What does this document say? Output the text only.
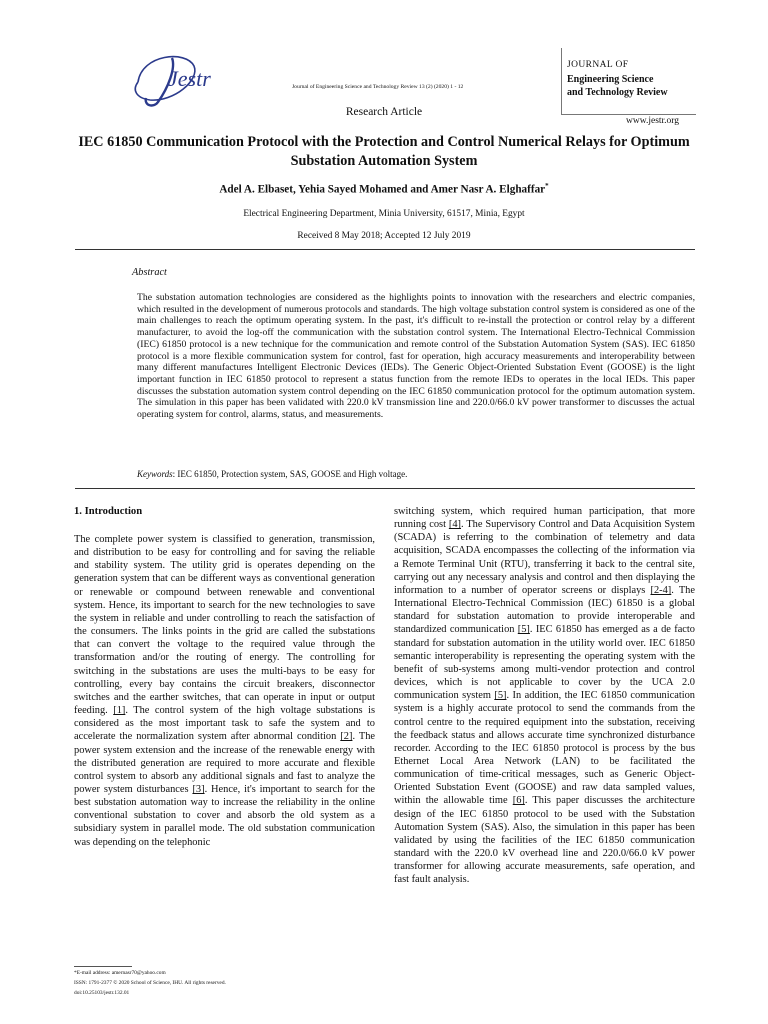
Jestr	Journal of Engineering Science and Technology Review 13 (2) (2020) 1 - 12
JOURNAL OF
Engineering Science
and Technology Review
www.jestr.org
Research Article
IEC 61850 Communication Protocol with the Protection and Control Numerical Relays for Optimum Substation Automation System
Adel A. Elbaset, Yehia Sayed Mohamed and Amer Nasr A. Elghaffar*
Electrical Engineering Department, Minia University, 61517, Minia, Egypt
Received 8 May 2018; Accepted 12 July 2019
Abstract
The substation automation technologies are considered as the highlights points to innovation with the researchers and electric companies, which resulted in the development of numerous protocols and standards. The high voltage substation control system is considered as one of the main challenges to reach the optimum operating system. In the past, it's difficult to re-install the protection or control relay by a different manufacturer, to avoid the log-off the communication with the substation control system. The International Electro-Technical Commission (IEC) 61850 protocol is a new technique for the communication and remote control of the Substation Automation System (SAS). IEC 61850 protocol is a more flexible communication system for control, fast for operation, high accuracy measurements and interoperability between many different manufactures Intelligent Electronic Devices (IEDs). The Generic Object-Oriented Substation Event (GOOSE) is the light important function in IEC 61850 protocol to represent a status function from the remote IEDs to operates in the local IEDs. This paper discusses the substation automation system control depending on the IEC 61850 communication protocol for the optimum automation system. The simulation in this paper has been validated with 220.0 kV transmission line and 220.0/66.0 kV power transformer to discusses the actual operating system for control, alarms, status, and measurements.
Keywords: IEC 61850, Protection system, SAS, GOOSE and High voltage.
1. Introduction
The complete power system is classified to generation, transmission, and distribution to be easy for controlling and for saving the reliable and stability system. The utility grid is operates depending on the generation system that can be different ways as conventional generation or renewable or compound between renewable and conventional system. Hence, its important to search for the new technologies to save the system in reliable and under controlling to reach the satisfaction of the consumers. The links points in the grid are called the substations that can convert the voltage to the required value through the transformation and/or the routing of energy. The controlling for switching in the substations are uses the multi-bays to be easy for controlling, every bay contains the circuit breakers, disconnector switches and the earther switches, that can operate in input or output feeding. [1]. The control system of the high voltage substations is considered as the most important task to safe the system and to accelerate the normalization system after abnormal condition [2]. The power system extension and the increase of the renewable energy with the distributed generation are required to more accurate and flexible control system to absorb any additional signals and fast to analyze the power system disturbances [3]. Hence, it's important to search for the best substation automation way to increase the reliability in the online conventional substation to cover and absorb the old system as a subsidiary system in parallel mode. The old substation communication was depending on the telephonic
switching system, which required human participation, that more running cost [4]. The Supervisory Control and Data Acquisition System (SCADA) is referring to the combination of telemetry and data acquisition, SCADA encompasses the collecting of the information via a Remote Terminal Unit (RTU), transferring it back to the central site, carrying out any necessary analysis and control and then displaying the information to a number of operator screens or displays [2-4]. The International Electro-Technical Commission (IEC) 61850 is a global standard for substation automation to provide interoperable and standardized communication [5]. IEC 61850 has emerged as a de facto standard for substation automation in the utility world over. IEC 61850 semantic interoperability is representing the operating system with the benefit of sub-systems among multi-vendor protection and control devices, which is not applicable to cover by the UCA 2.0 communication system [5]. In addition, the IEC 61850 communication system is a highly accurate protocol to send the commands from the control centre to the required equipment into the substation, receiving the feedback status and allows accurate time synchronized disturbance recorder. According to the IEC 61850 protocol is process by the bus Ethernet Local Area Network (LAN) to be facilitated the communication of time-critical messages, such as Generic Object-Oriented Substation Event (GOOSE) and raw data sampled values, within the allowable time [6]. This paper discusses the architecture design of the IEC 61850 protocol to be used with the Substation Automation System (SAS). Also, the simulation in this paper has been validated by using the facilities of the IEC 61850 communication standard with the 220.0 kV overhead line and 220.0/66.0 kV power transformer for allowing accurate measurements, safe operation, and fast fault analysis.
*E-mail address: amernasr70@yahoo.com
ISSN: 1791-2377 © 2020 School of Science, IHU. All rights reserved.
doi:10.25103/jestr.132.01
